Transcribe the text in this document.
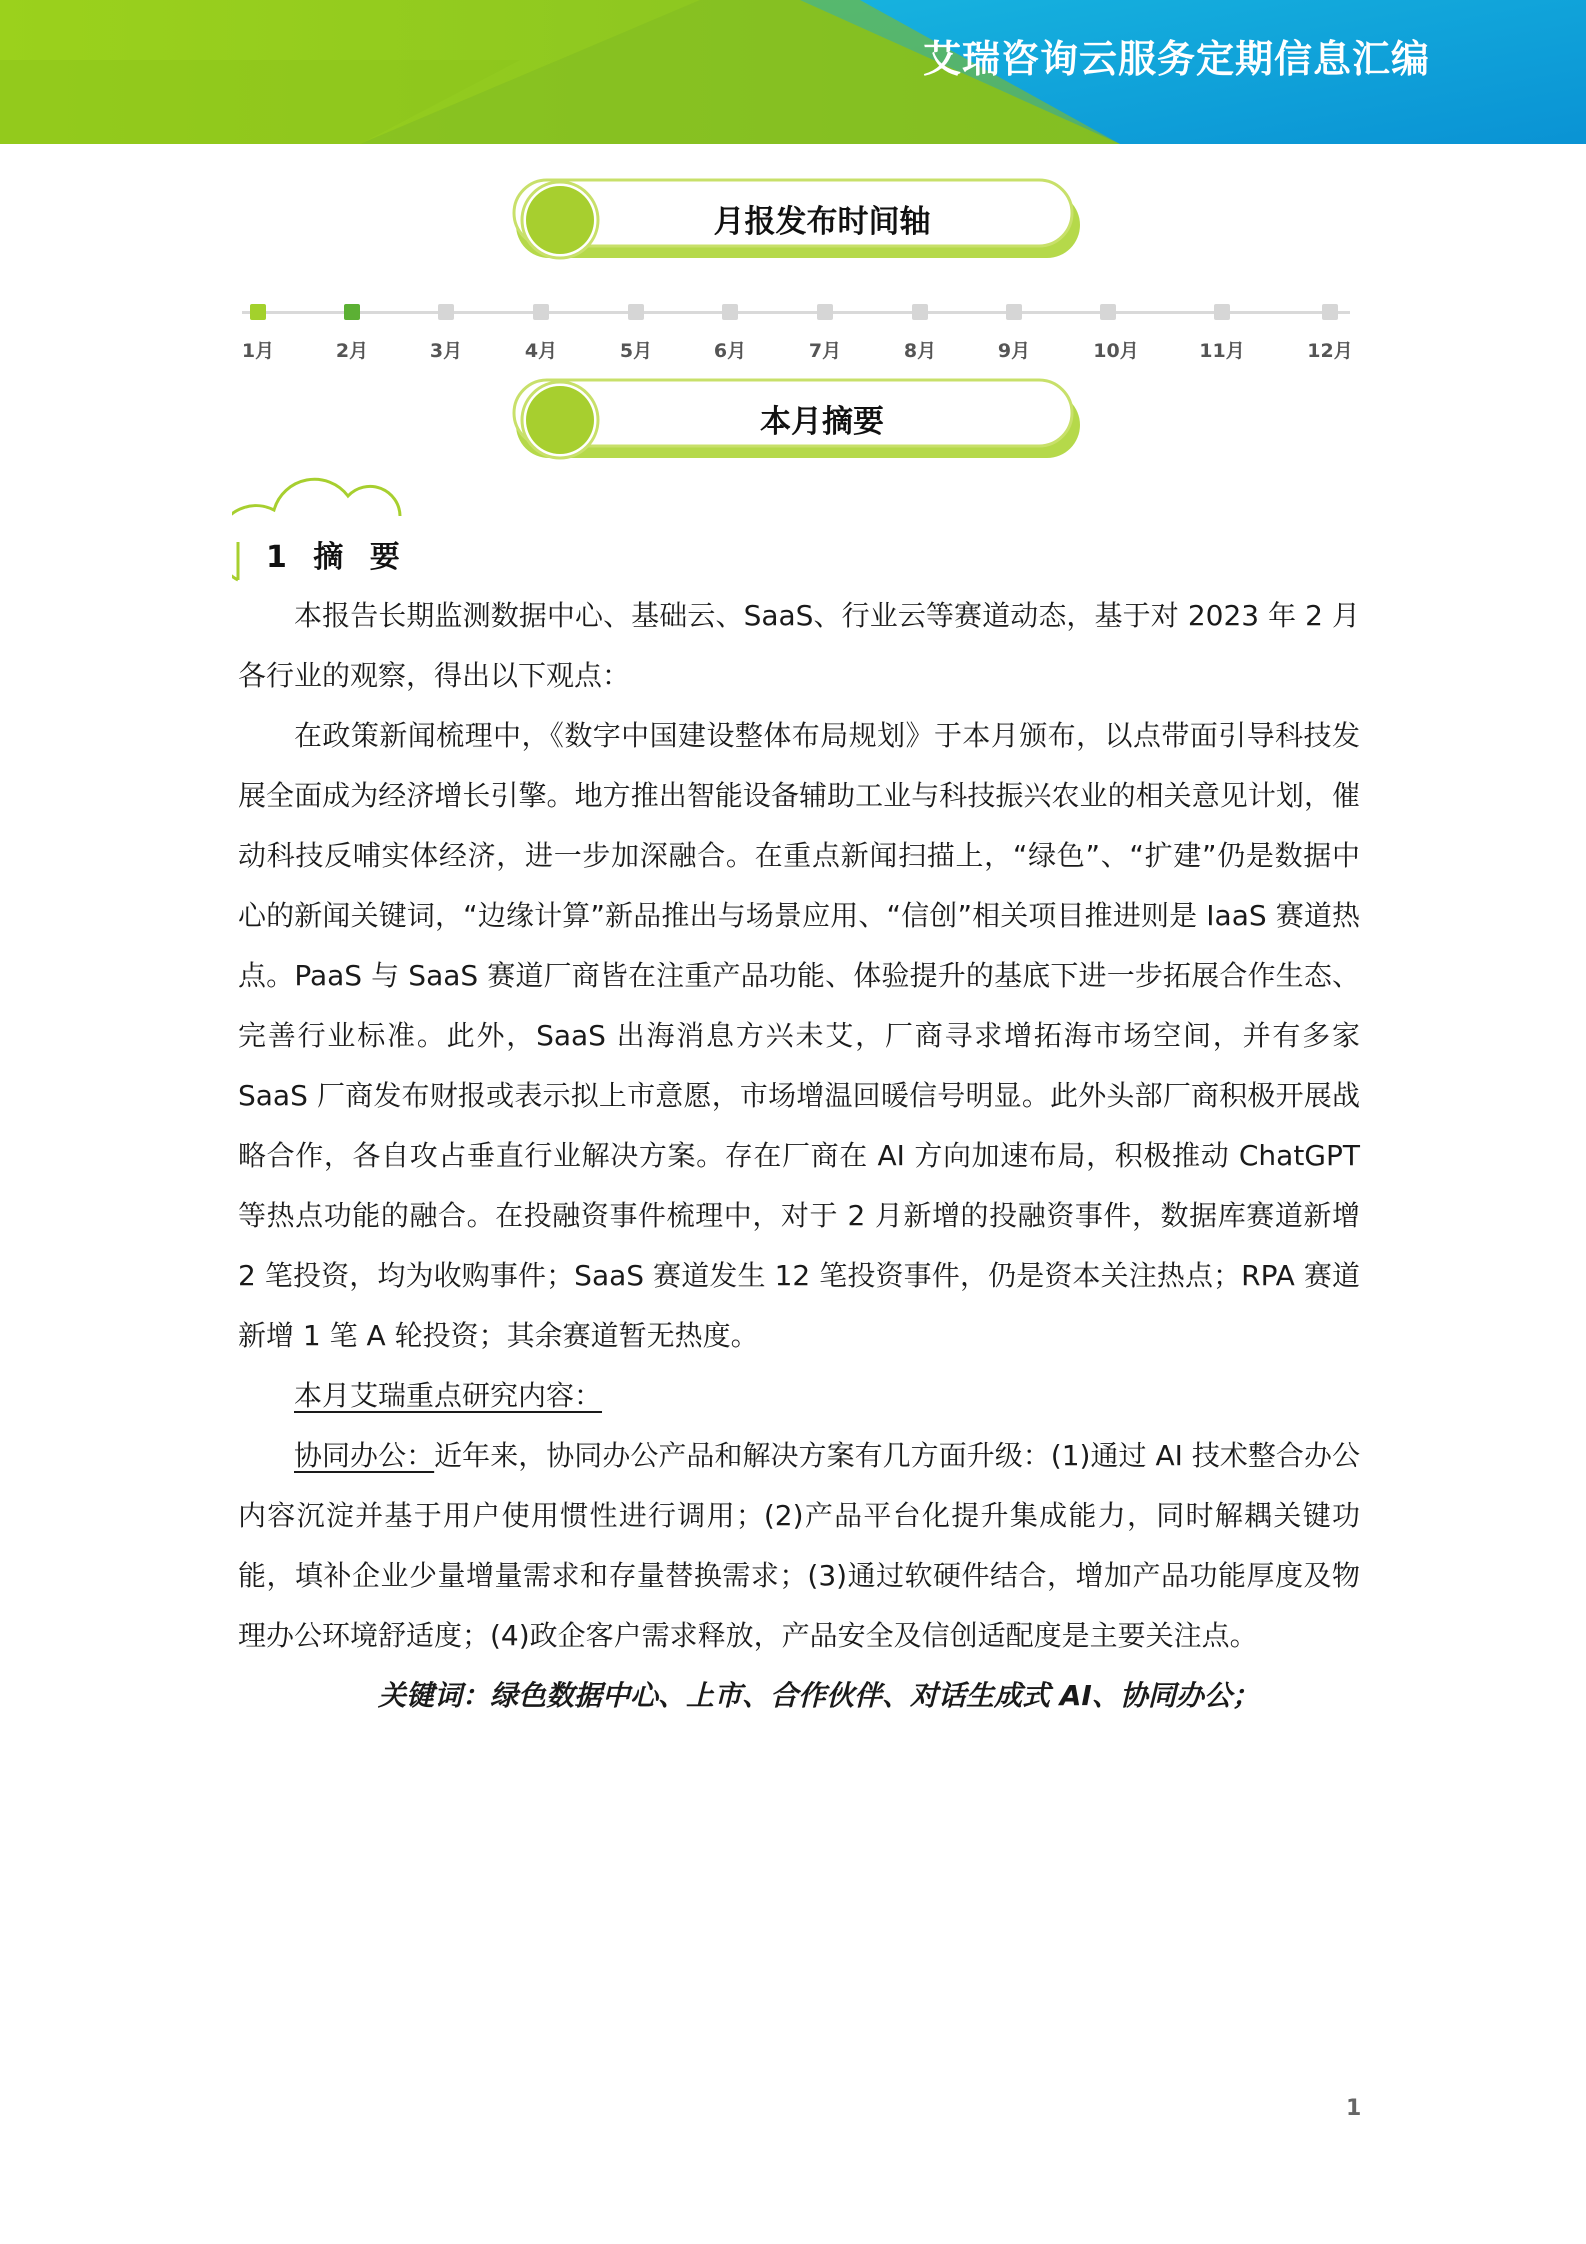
艾瑞咨询云服务定期信息汇编
月报发布时间轴
1月	2月	3月	4月	5月	6月	7月	8月	9月	10月	11月	12月
本月摘要
1 摘 要

本报告长期监测数据中心、基础云、SaaS、行业云等赛道动态，基于对 2023 年 2 月各行业的观察，得出以下观点：

在政策新闻梳理中，《数字中国建设整体布局规划》于本月颁布，以点带面引导科技发展全面成为经济增长引擎。地方推出智能设备辅助工业与科技振兴农业的相关意见计划，催动科技反哺实体经济，进一步加深融合。在重点新闻扫描上，“绿色”、“扩建”仍是数据中心的新闻关键词，“边缘计算”新品推出与场景应用、“信创”相关项目推进则是 IaaS 赛道热点。PaaS 与 SaaS 赛道厂商皆在注重产品功能、体验提升的基底下进一步拓展合作生态、完善行业标准。此外，SaaS 出海消息方兴未艾，厂商寻求增拓海市场空间，并有多家 SaaS 厂商发布财报或表示拟上市意愿，市场增温回暖信号明显。此外头部厂商积极开展战略合作，各自攻占垂直行业解决方案。存在厂商在 AI 方向加速布局，积极推动 ChatGPT 等热点功能的融合。在投融资事件梳理中，对于 2 月新增的投融资事件，数据库赛道新增 2 笔投资，均为收购事件；SaaS 赛道发生 12 笔投资事件，仍是资本关注热点；RPA 赛道新增 1 笔 A 轮投资；其余赛道暂无热度。

本月艾瑞重点研究内容：

协同办公：近年来，协同办公产品和解决方案有几方面升级：(1)通过 AI 技术整合办公内容沉淀并基于用户使用惯性进行调用；(2)产品平台化提升集成能力，同时解耦关键功能，填补企业少量增量需求和存量替换需求；(3)通过软硬件结合，增加产品功能厚度及物理办公环境舒适度；(4)政企客户需求释放，产品安全及信创适配度是主要关注点。

关键词：绿色数据中心、上市、合作伙伴、对话生成式 AI、协同办公；
1
